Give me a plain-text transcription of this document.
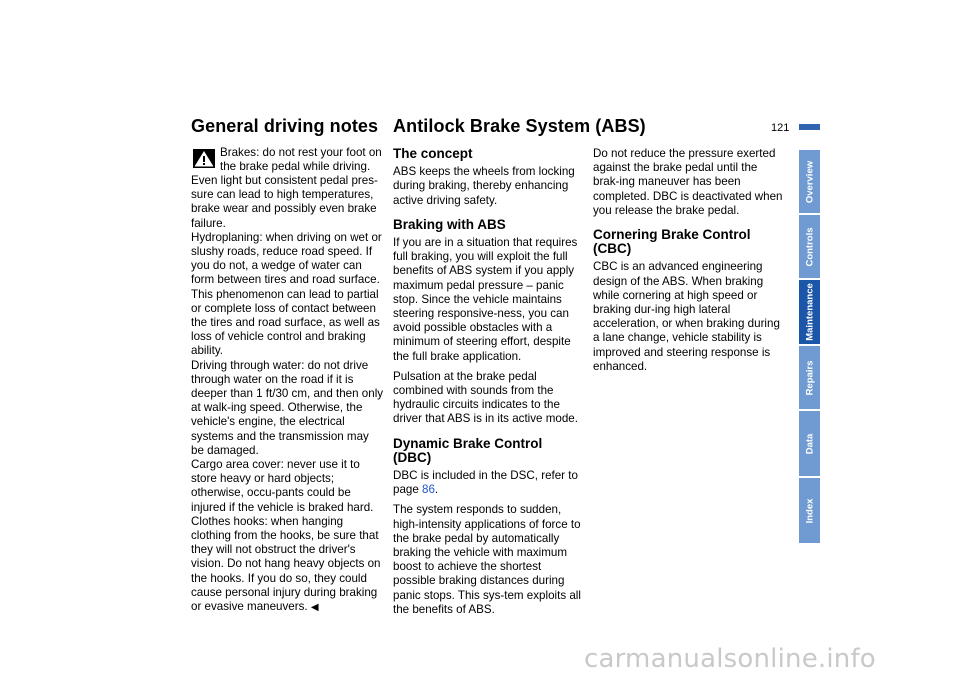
General driving notes Antilock Brake System (ABS)	121
Brakes: do not rest your foot on
the brake pedal while driving.
Even light but consistent pedal pres-sure can lead to high temperatures, brake wear and possibly even brake failure.
Hydroplaning: when driving on wet or slushy roads, reduce road speed. If you do not, a wedge of water can form between tires and road surface. This phenomenon can lead to partial or complete loss of contact between the tires and road surface, as well as loss of vehicle control and braking ability.
Driving through water: do not drive through water on the road if it is deeper than 1 ft/30 cm, and then only at walk-ing speed. Otherwise, the vehicle's engine, the electrical systems and the transmission may be damaged.
Cargo area cover: never use it to store heavy or hard objects; otherwise, occu-pants could be injured if the vehicle is braked hard.
Clothes hooks: when hanging clothing from the hooks, be sure that they will not obstruct the driver's vision. Do not hang heavy objects on the hooks. If you do so, they could cause personal injury during braking or evasive maneuvers. ◀
The concept

ABS keeps the wheels from locking during braking, thereby enhancing active driving safety.

Braking with ABS

If you are in a situation that requires full braking, you will exploit the full benefits of ABS system if you apply maximum pedal pressure – panic stop. Since the vehicle maintains steering responsive-ness, you can avoid possible obstacles with a minimum of steering effort, despite the full brake application.

Pulsation at the brake pedal combined with sounds from the hydraulic circuits indicates to the driver that ABS is in its active mode.

Dynamic Brake Control (DBC)

DBC is included in the DSC, refer to page 86.

The system responds to sudden, high-intensity applications of force to the brake pedal by automatically braking the vehicle with maximum boost to achieve the shortest possible braking distances during panic stops. This sys-tem exploits all the benefits of ABS.

Do not reduce the pressure exerted against the brake pedal until the brak-ing maneuver has been completed. DBC is deactivated when you release the brake pedal.

Cornering Brake Control (CBC)

CBC is an advanced engineering design of the ABS. When braking while cornering at high speed or braking dur-ing high lateral acceleration, or when braking during a lane change, vehicle stability is improved and steering response is enhanced.

Overview
Controls
Maintenance
Repairs
Data
Index
carmanualsonline.info
